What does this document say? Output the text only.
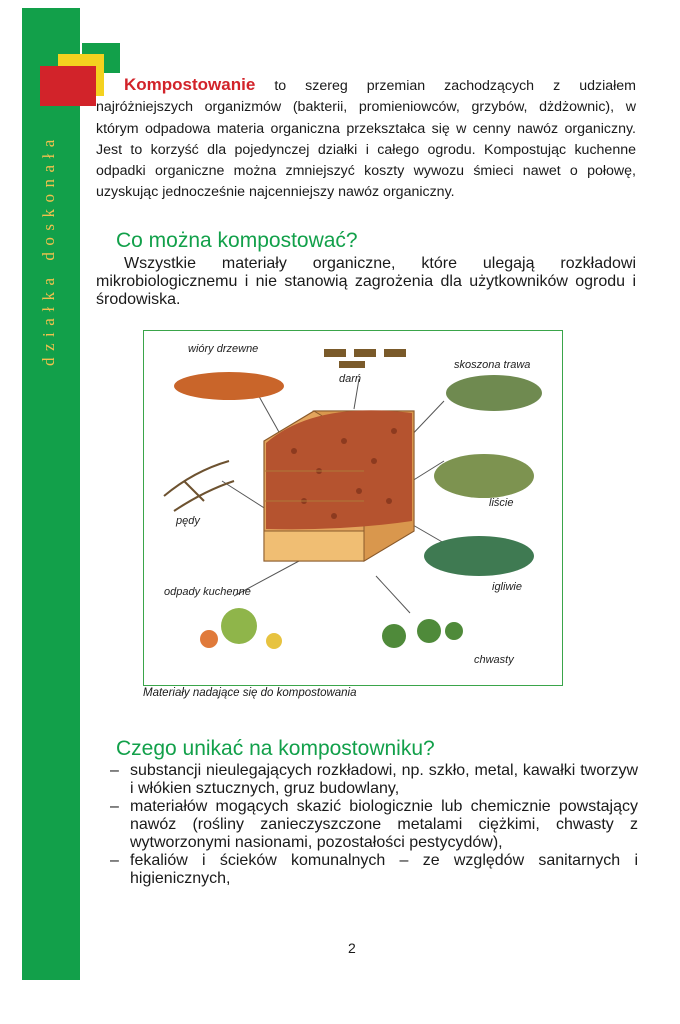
działka doskonała

Kompostowanie to szereg przemian zachodzących z udziałem najróżniejszych organizmów (bakterii, promieniowców, grzybów, dżdżownic), w którym odpadowa materia organiczna przekształca się w cenny nawóz organiczny. Jest to korzyść dla pojedynczej działki i całego ogrodu. Kompostując kuchenne odpadki organiczne można zmniejszyć koszty wywozu śmieci nawet o połowę, uzyskując jednocześnie najcenniejszy nawóz organiczny.

Co można kompostować?

Wszystkie materiały organiczne, które ulegają rozkładowi mikrobiologicznemu i nie stanowią zagrożenia dla użytkowników ogrodu i środowiska.

wióry drzewne
darń
skoszona trawa
pędy
liście
igliwie
odpady kuchenne
chwasty
Materiały nadające się do kompostowania
Czego unikać na kompostowniku?
– substancji nieulegających rozkładowi, np. szkło, metal, kawałki tworzyw i włókien sztucznych, gruz budowlany,
– materiałów mogących skazić biologicznie lub chemicznie powstający nawóz (rośliny zanieczyszczone metalami ciężkimi, chwasty z wytworzonymi nasionami, pozostałości pestycydów),
– fekaliów i ścieków komunalnych – ze względów sanitarnych i higienicznych,
2
